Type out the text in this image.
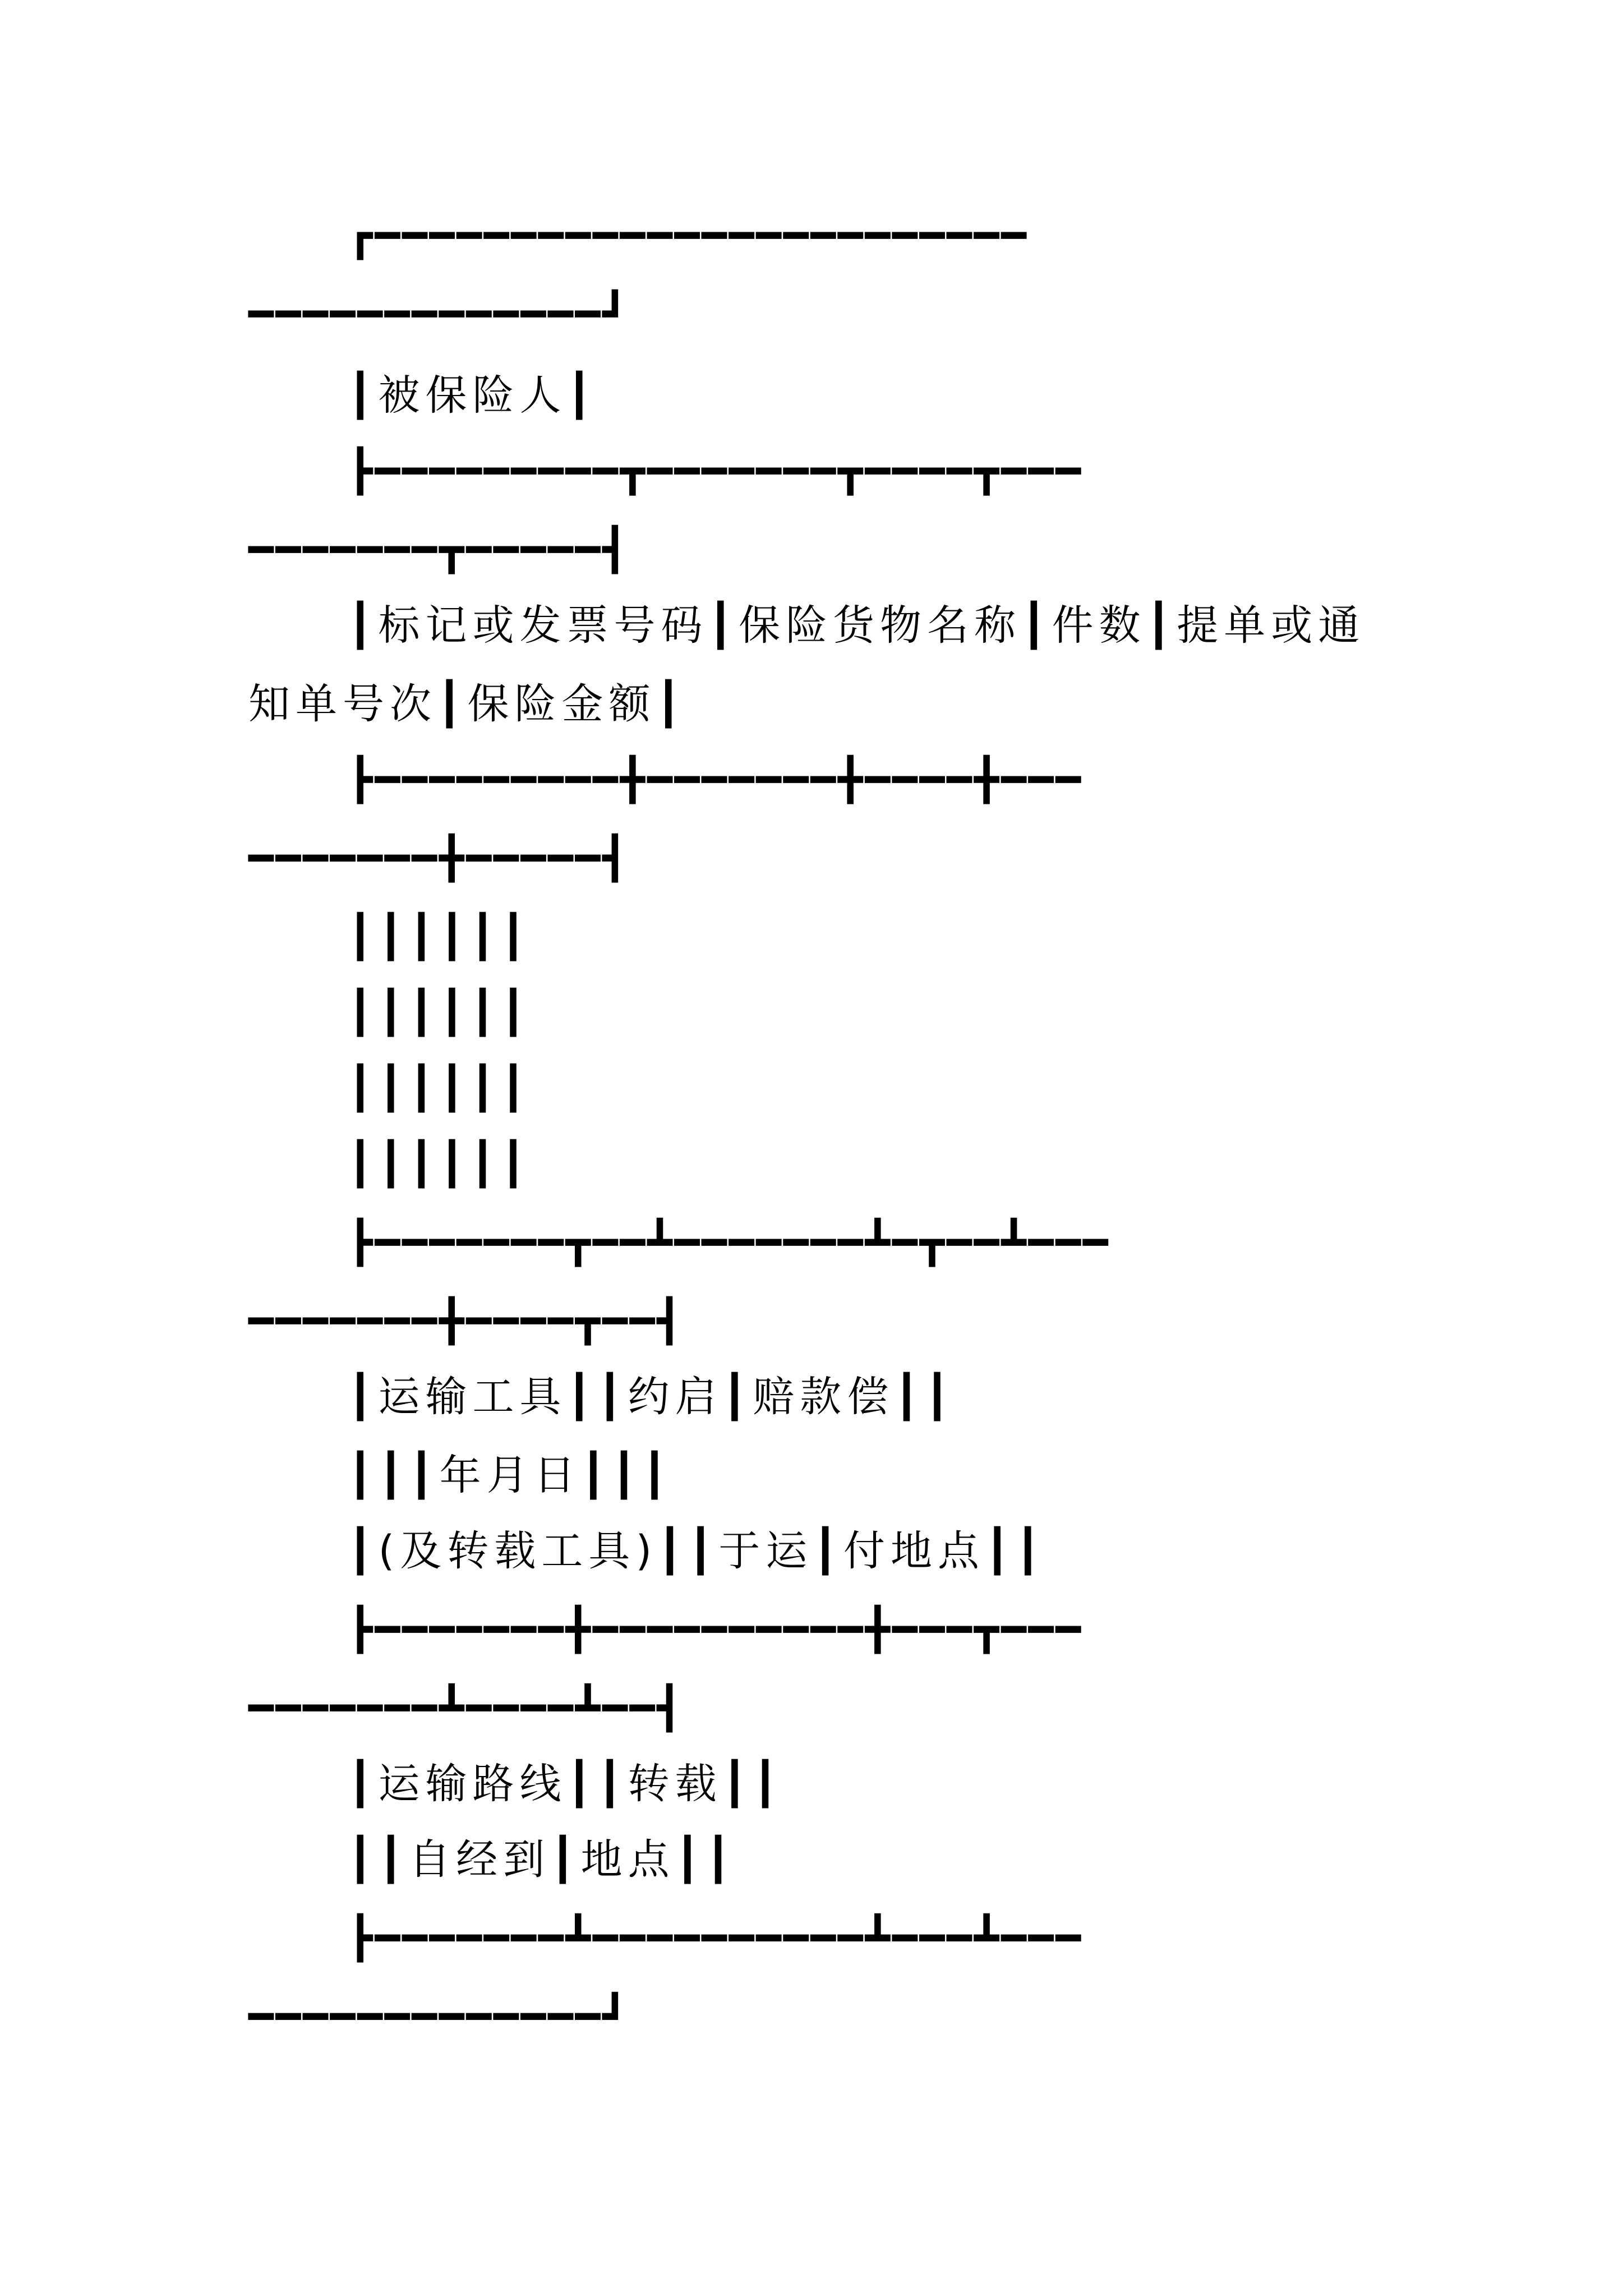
┏━━━━━━━━━━━━━━━━━━━━━━━━
━━━━━━━━━━━━━┛
┃被保险人┃
┣━━━━━━━━━┳━━━━━━━┳━━━━┳━━━
━━━━━━━┳━━━━━┫
┃标记或发票号码┃保险货物名称┃件数┃提单或通
知单号次┃保险金额┃
┣━━━━━━━━━╋━━━━━━━╋━━━━╋━━━
━━━━━━━╋━━━━━┫
┃┃┃┃┃┃
┃┃┃┃┃┃
┃┃┃┃┃┃
┃┃┃┃┃┃
┣━━━━━━━┳━━┻━━━━━━━┻━┳━━┻━━━
━━━━━━━╋━━━━┳━━┫
┃运输工具┃┃约启┃赔款偿┃┃
┃┃┃年月日┃┃┃
┃(及转载工具)┃┃于运┃付地点┃┃
┣━━━━━━━╋━━━━━━━━━━╋━━━┳━━━
━━━━━━━┻━━━━┻━━┫
┃运输路线┃┃转载┃┃
┃┃自经到┃地点┃┃
┣━━━━━━━┻━━━━━━━━━━┻━━━┻━━━
━━━━━━━━━━━━━┛
